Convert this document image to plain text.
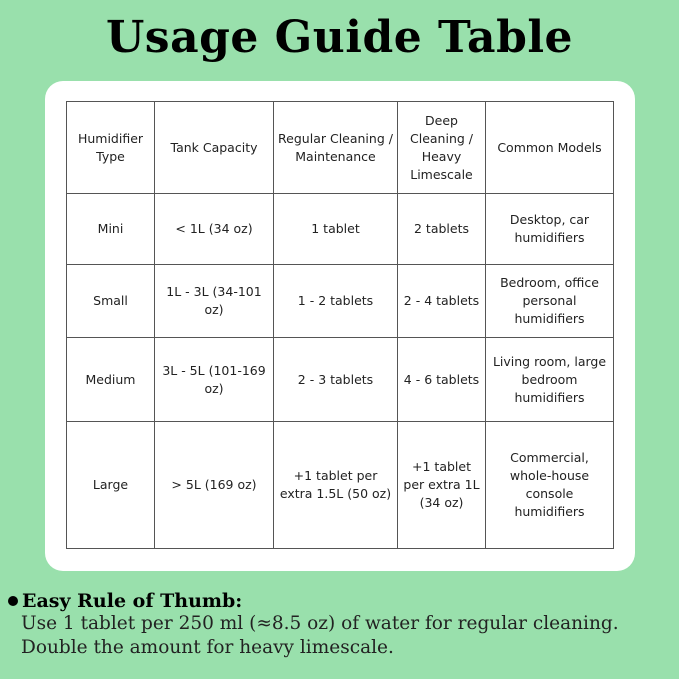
Usage Guide Table
Humidifier Type	Tank Capacity	Regular Cleaning / Maintenance	Deep Cleaning / Heavy Limescale	Common Models
Mini	< 1L (34 oz)	1 tablet	2 tablets	Desktop, car humidifiers
Small	1L - 3L (34-101 oz)	1 - 2 tablets	2 - 4 tablets	Bedroom, office personal humidifiers
Medium	3L - 5L (101-169 oz)	2 - 3 tablets	4 - 6 tablets	Living room, large bedroom humidifiers
Large	> 5L (169 oz)	+1 tablet per extra 1.5L (50 oz)	+1 tablet per extra 1L (34 oz)	Commercial, whole-house console humidifiers
Easy Rule of Thumb:
Use 1 tablet per 250 ml (≈8.5 oz) of water for regular cleaning.
Double the amount for heavy limescale.
